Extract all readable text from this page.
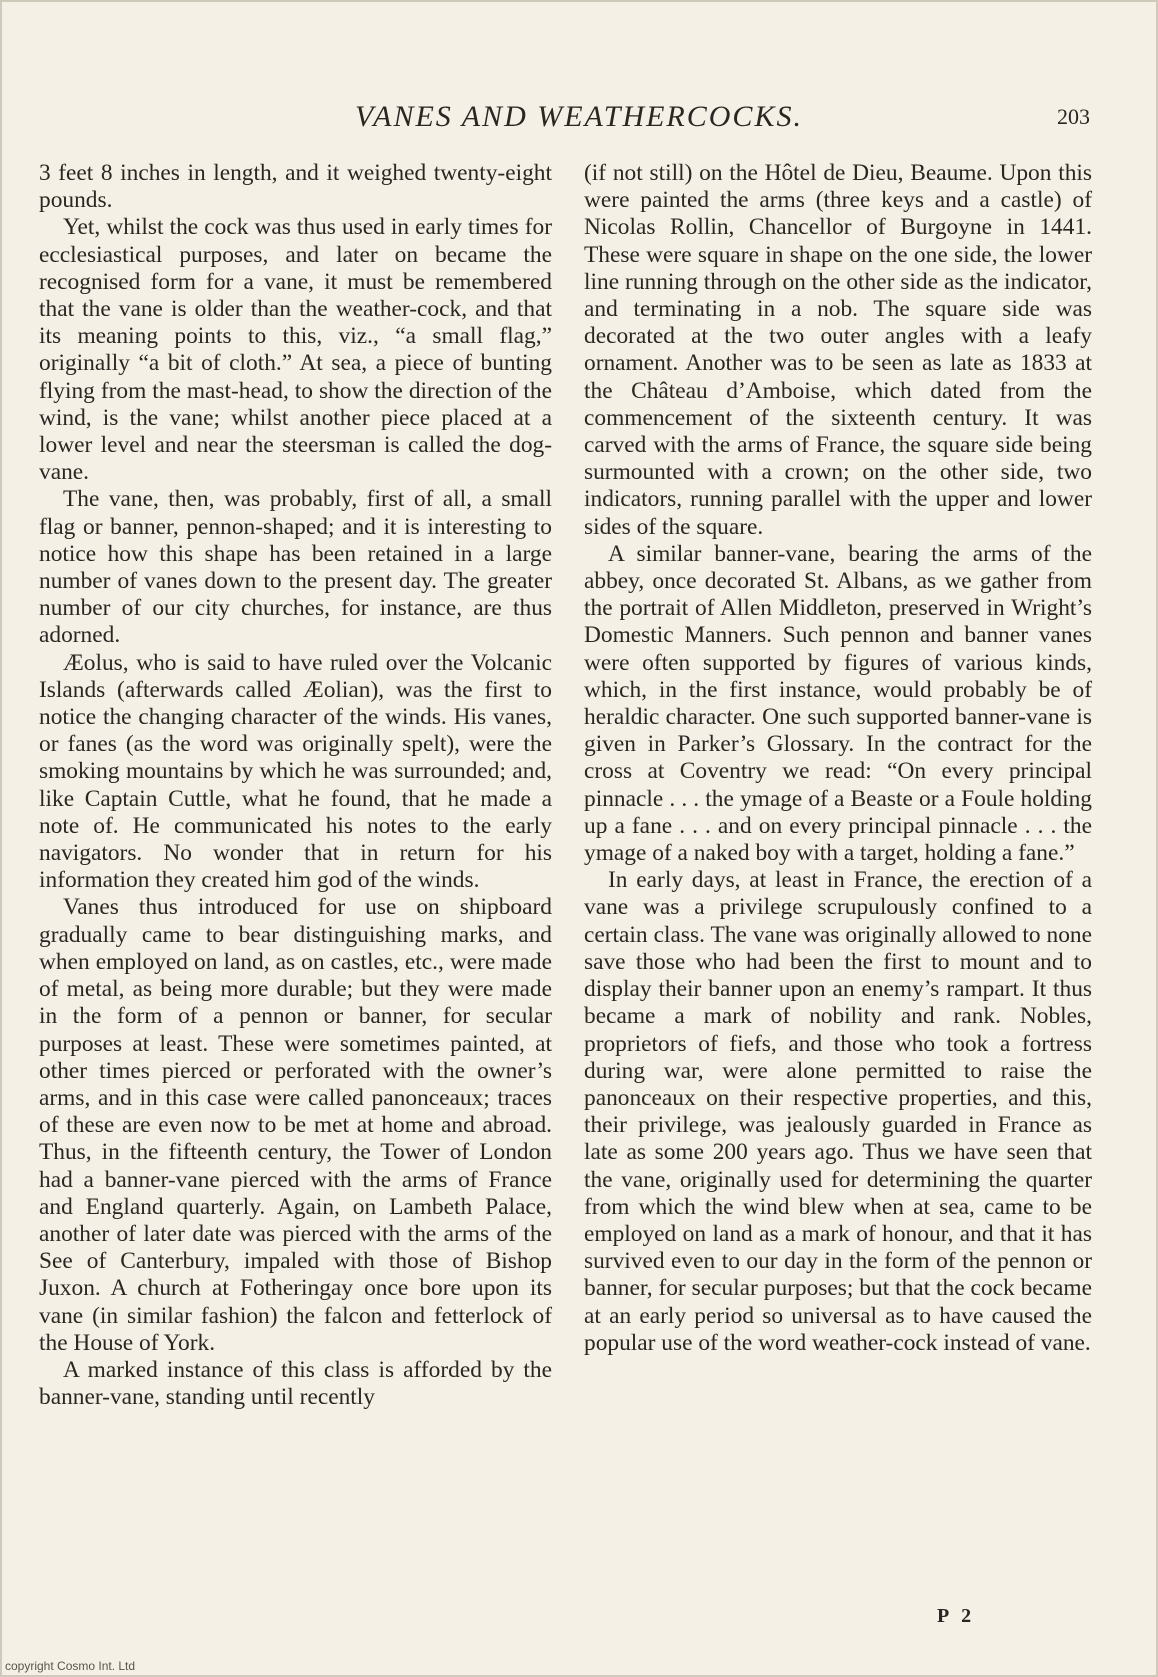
VANES AND WEATHERCOCKS.	203

3 feet 8 inches in length, and it weighed twenty-eight pounds.

Yet, whilst the cock was thus used in early times for ecclesiastical purposes, and later on became the recognised form for a vane, it must be remembered that the vane is older than the weather-cock, and that its meaning points to this, viz., “a small flag,” originally “a bit of cloth.” At sea, a piece of bunting flying from the mast-head, to show the direction of the wind, is the vane; whilst another piece placed at a lower level and near the steersman is called the dog-vane.

The vane, then, was probably, first of all, a small flag or banner, pennon-shaped; and it is interesting to notice how this shape has been retained in a large number of vanes down to the present day. The greater number of our city churches, for instance, are thus adorned.

Æolus, who is said to have ruled over the Volcanic Islands (afterwards called Æolian), was the first to notice the changing character of the winds. His vanes, or fanes (as the word was originally spelt), were the smoking mountains by which he was surrounded; and, like Captain Cuttle, what he found, that he made a note of. He communicated his notes to the early navigators. No wonder that in return for his information they created him god of the winds.

Vanes thus introduced for use on shipboard gradually came to bear distinguishing marks, and when employed on land, as on castles, etc., were made of metal, as being more durable; but they were made in the form of a pennon or banner, for secular purposes at least. These were sometimes painted, at other times pierced or perforated with the owner’s arms, and in this case were called panonceaux; traces of these are even now to be met at home and abroad. Thus, in the fifteenth century, the Tower of London had a banner-vane pierced with the arms of France and England quarterly. Again, on Lambeth Palace, another of later date was pierced with the arms of the See of Canterbury, impaled with those of Bishop Juxon. A church at Fotheringay once bore upon its vane (in similar fashion) the falcon and fetterlock of the House of York.

A marked instance of this class is afforded by the banner-vane, standing until recently

(if not still) on the Hôtel de Dieu, Beaume. Upon this were painted the arms (three keys and a castle) of Nicolas Rollin, Chancellor of Burgoyne in 1441. These were square in shape on the one side, the lower line running through on the other side as the indicator, and terminating in a nob. The square side was decorated at the two outer angles with a leafy ornament. Another was to be seen as late as 1833 at the Château d’Amboise, which dated from the commencement of the sixteenth century. It was carved with the arms of France, the square side being surmounted with a crown; on the other side, two indicators, running parallel with the upper and lower sides of the square.

A similar banner-vane, bearing the arms of the abbey, once decorated St. Albans, as we gather from the portrait of Allen Middleton, preserved in Wright’s Domestic Manners. Such pennon and banner vanes were often supported by figures of various kinds, which, in the first instance, would probably be of heraldic character. One such supported banner-vane is given in Parker’s Glossary. In the contract for the cross at Coventry we read: “On every principal pinnacle . . . the ymage of a Beaste or a Foule holding up a fane . . . and on every principal pinnacle . . . the ymage of a naked boy with a target, holding a fane.”

In early days, at least in France, the erection of a vane was a privilege scrupulously confined to a certain class. The vane was originally allowed to none save those who had been the first to mount and to display their banner upon an enemy’s rampart. It thus became a mark of nobility and rank. Nobles, proprietors of fiefs, and those who took a fortress during war, were alone permitted to raise the panonceaux on their respective properties, and this, their privilege, was jealously guarded in France as late as some 200 years ago. Thus we have seen that the vane, originally used for determining the quarter from which the wind blew when at sea, came to be employed on land as a mark of honour, and that it has survived even to our day in the form of the pennon or banner, for secular purposes; but that the cock became at an early period so universal as to have caused the popular use of the word weather-cock instead of vane.

P 2
copyright Cosmo Int. Ltd
